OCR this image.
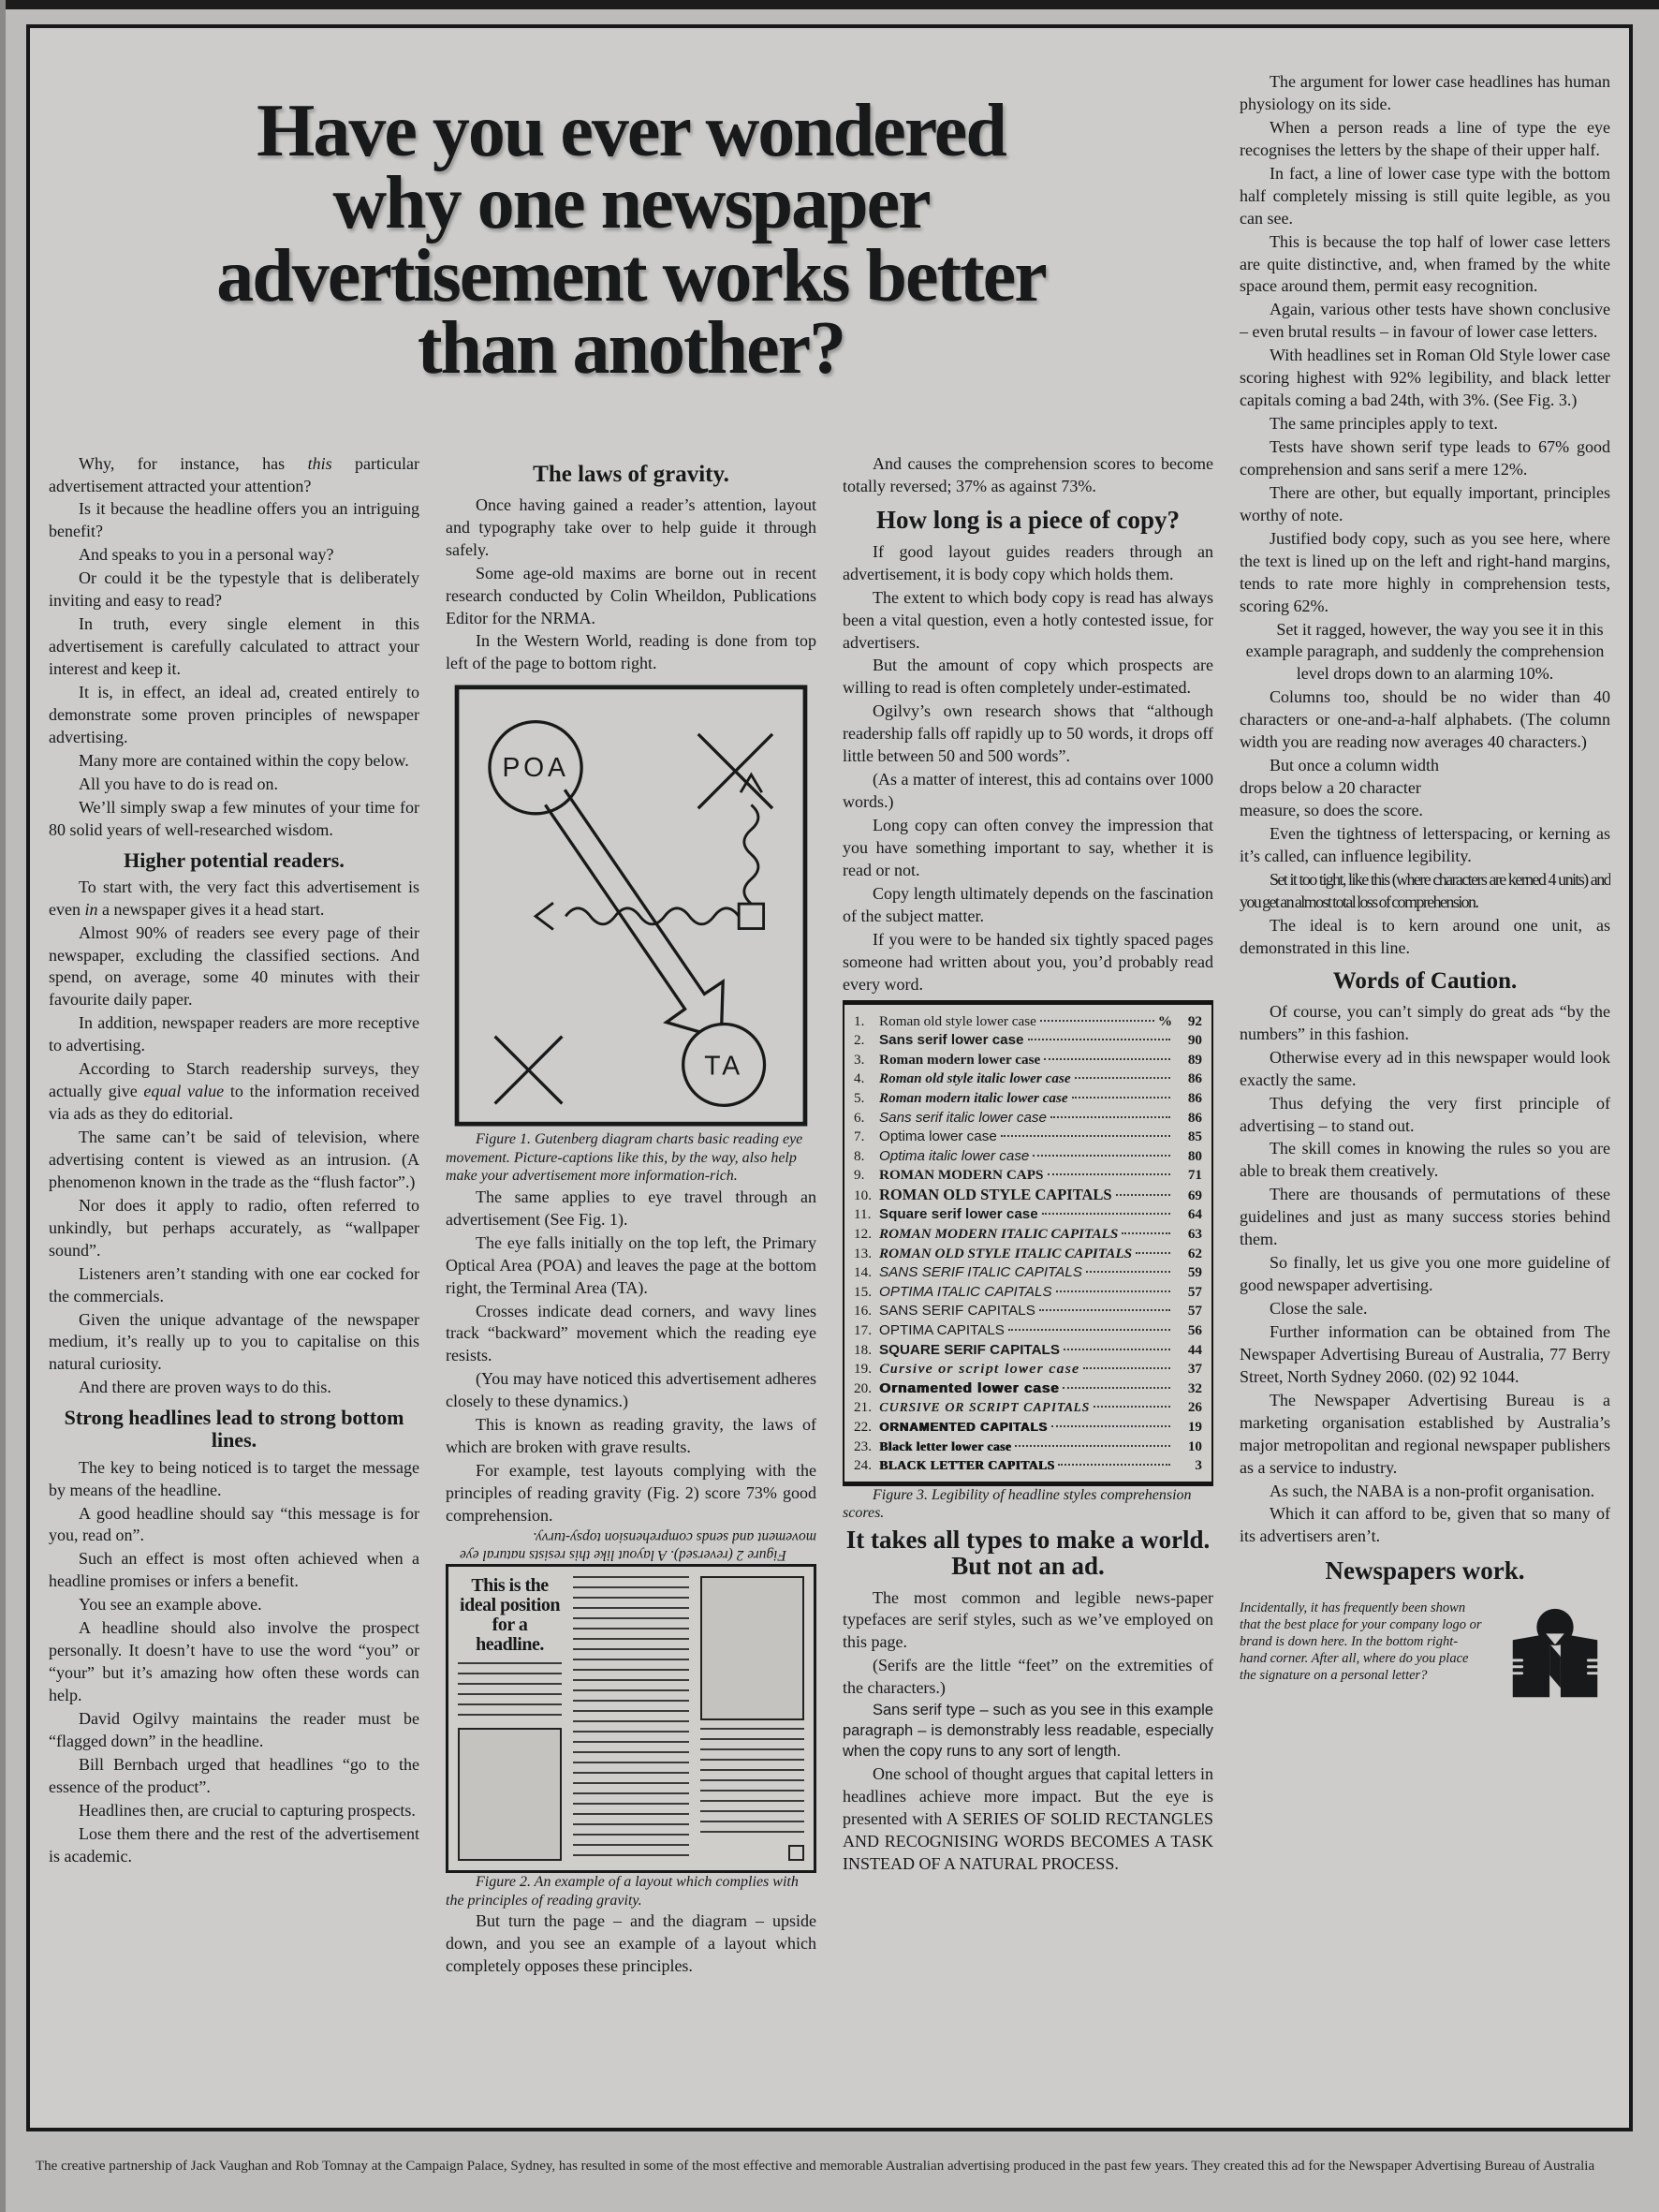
Have you ever wondered
why one newspaper
advertisement works better
than another?

Why, for instance, has this particular advertisement attracted your attention?

Is it because the headline offers you an intriguing benefit?

And speaks to you in a personal way?

Or could it be the typestyle that is deliberately inviting and easy to read?

In truth, every single element in this advertisement is carefully calculated to attract your interest and keep it.

It is, in effect, an ideal ad, created entirely to demonstrate some proven principles of newspaper advertising.

Many more are contained within the copy below.

All you have to do is read on.

We’ll simply swap a few minutes of your time for 80 solid years of well-researched wisdom.

Higher potential readers.

To start with, the very fact this advertisement is even in a newspaper gives it a head start.

Almost 90% of readers see every page of their newspaper, excluding the classified sections. And spend, on average, some 40 minutes with their favourite daily paper.

In addition, newspaper readers are more receptive to advertising.

According to Starch readership surveys, they actually give equal value to the information received via ads as they do editorial.

The same can’t be said of television, where advertising content is viewed as an intrusion. (A phenomenon known in the trade as the “flush factor”.)

Nor does it apply to radio, often referred to unkindly, but perhaps accurately, as “wallpaper sound”.

Listeners aren’t standing with one ear cocked for the commercials.

Given the unique advantage of the newspaper medium, it’s really up to you to capitalise on this natural curiosity.

And there are proven ways to do this.

Strong headlines lead to strong bottom lines.

The key to being noticed is to target the message by means of the headline.

A good headline should say “this message is for you, read on”.

Such an effect is most often achieved when a headline promises or infers a benefit.

You see an example above.

A headline should also involve the prospect personally. It doesn’t have to use the word “you” or “your” but it’s amazing how often these words can help.

David Ogilvy maintains the reader must be “flagged down” in the headline.

Bill Bernbach urged that headlines “go to the essence of the product”.

Headlines then, are crucial to capturing prospects.

Lose them there and the rest of the advertisement is academic.

The laws of gravity.

Once having gained a reader’s attention, layout and typography take over to help guide it through safely.

Some age-old maxims are borne out in recent research conducted by Colin Wheildon, Publications Editor for the NRMA.

In the Western World, reading is done from top left of the page to bottom right.

POA
TA

Figure 1. Gutenberg diagram charts basic reading eye movement. Picture-captions like this, by the way, also help make your advertisement more information-rich.

The same applies to eye travel through an advertisement (See Fig. 1).

The eye falls initially on the top left, the Primary Optical Area (POA) and leaves the page at the bottom right, the Terminal Area (TA).

Crosses indicate dead corners, and wavy lines track “backward” movement which the reading eye resists.

(You may have noticed this advertisement adheres closely to these dynamics.)

This is known as reading gravity, the laws of which are broken with grave results.

For example, test layouts complying with the principles of reading gravity (Fig. 2) score 73% good comprehension.

Figure 2 (reversed). A layout like this resists natural eye movement and sends comprehension topsy-turvy.

This is the ideal position for a headline.

Figure 2. An example of a layout which complies with the principles of reading gravity.

But turn the page – and the diagram – upside down, and you see an example of a layout which completely opposes these principles.

And causes the comprehension scores to become totally reversed; 37% as against 73%.

How long is a piece of copy?

If good layout guides readers through an advertisement, it is body copy which holds them.

The extent to which body copy is read has always been a vital question, even a hotly contested issue, for advertisers.

But the amount of copy which prospects are willing to read is often completely under-estimated.

Ogilvy’s own research shows that “although readership falls off rapidly up to 50 words, it drops off little between 50 and 500 words”.

(As a matter of interest, this ad contains over 1000 words.)

Long copy can often convey the impression that you have something important to say, whether it is read or not.

Copy length ultimately depends on the fascination of the subject matter.

If you were to be handed six tightly spaced pages someone had written about you, you’d probably read every word.

1.	Roman old style lower case	%	92
2.	Sans serif lower case	90
3.	Roman modern lower case	89
4.	Roman old style italic lower case	86
5.	Roman modern italic lower case	86
6.	Sans serif italic lower case	86
7.	Optima lower case	85
8.	Optima italic lower case	80
9.	ROMAN MODERN CAPS	71
10. ROMAN OLD STYLE CAPITALS	69
11. Square serif lower case	64
12. ROMAN MODERN ITALIC CAPITALS	63
13. ROMAN OLD STYLE ITALIC CAPITALS	62
14. SANS SERIF ITALIC CAPITALS	59
15. OPTIMA ITALIC CAPITALS	57
16. SANS SERIF CAPITALS	57
17. OPTIMA CAPITALS	56
18. SQUARE SERIF CAPITALS	44
19. Cursive or script lower case	37
20. Ornamented lower case	32
21. CURSIVE OR SCRIPT CAPITALS	26
22. ORNAMENTED CAPITALS	19
23. Black letter lower case	10
24. BLACK LETTER CAPITALS	3

Figure 3. Legibility of headline styles comprehension scores.

It takes all types to make a world.
But not an ad.

The most common and legible news-paper typefaces are serif styles, such as we’ve employed on this page.

(Serifs are the little “feet” on the extremities of the characters.)

Sans serif type – such as you see in this example paragraph – is demonstrably less readable, especially when the copy runs to any sort of length.

One school of thought argues that capital letters in headlines achieve more impact. But the eye is presented with A SERIES OF SOLID RECTANGLES AND RECOGNISING WORDS BECOMES A TASK INSTEAD OF A NATURAL PROCESS.

The argument for lower case headlines has human physiology on its side.

When a person reads a line of type the eye recognises the letters by the shape of their upper half.

In fact, a line of lower case type with the bottom half completely missing is still quite legible, as you can see.

This is because the top half of lower case letters are quite distinctive, and, when framed by the white space around them, permit easy recognition.

Again, various other tests have shown conclusive – even brutal results – in favour of lower case letters.

With headlines set in Roman Old Style lower case scoring highest with 92% legibility, and black letter capitals coming a bad 24th, with 3%. (See Fig. 3.)

The same principles apply to text.

Tests have shown serif type leads to 67% good comprehension and sans serif a mere 12%.

There are other, but equally important, principles worthy of note.

Justified body copy, such as you see here, where the text is lined up on the left and right-hand margins, tends to rate more highly in comprehension tests, scoring 62%.

Set it ragged, however, the way you see it in this example paragraph, and suddenly the comprehension level drops down to an alarming 10%.

Columns too, should be no wider than 40 characters or one-and-a-half alphabets. (The column width you are reading now averages 40 characters.)

But once a column width drops below a 20 character measure, so does the score.

Even the tightness of letterspacing, or kerning as it’s called, can influence legibility.

Set it too tight, like this (where characters are kerned 4 units) and you get an almost total loss of comprehension.

The ideal is to kern around one unit, as demonstrated in this line.

Words of Caution.

Of course, you can’t simply do great ads “by the numbers” in this fashion.

Otherwise every ad in this newspaper would look exactly the same.

Thus defying the very first principle of advertising – to stand out.

The skill comes in knowing the rules so you are able to break them creatively.

There are thousands of permutations of these guidelines and just as many success stories behind them.

So finally, let us give you one more guideline of good newspaper advertising.

Close the sale.

Further information can be obtained from The Newspaper Advertising Bureau of Australia, 77 Berry Street, North Sydney 2060. (02) 92 1044.

The Newspaper Advertising Bureau is a marketing organisation established by Australia’s major metropolitan and regional newspaper publishers as a service to industry.

As such, the NABA is a non-profit organisation.

Which it can afford to be, given that so many of its advertisers aren’t.

Newspapers work.

Incidentally, it has frequently been shown that the best place for your company logo or brand is down here. In the bottom right-hand corner. After all, where do you place the signature on a personal letter?

The creative partnership of Jack Vaughan and Rob Tomnay at the Campaign Palace, Sydney, has resulted in some of the most effective and memorable Australian advertising produced in the past few years. They created this ad for the Newspaper Advertising Bureau of Australia
